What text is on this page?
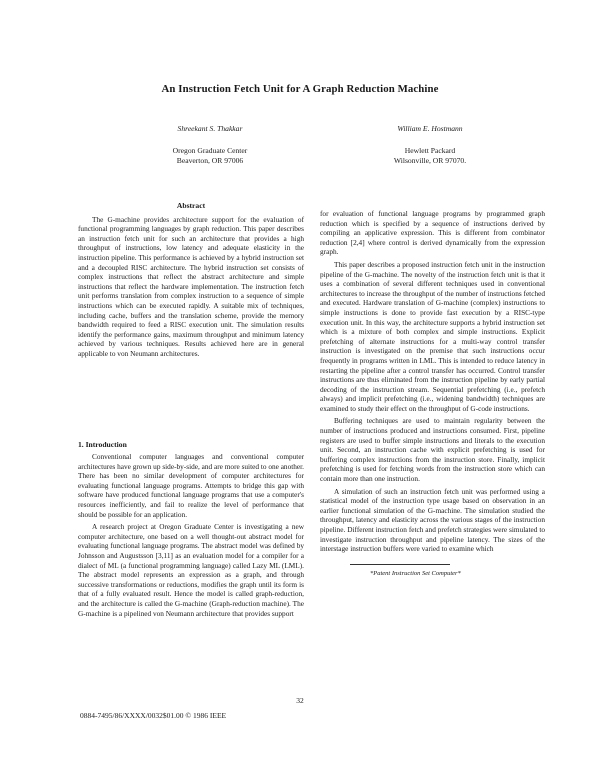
An Instruction Fetch Unit for A Graph Reduction Machine
Shreekant S. Thakkar
Oregon Graduate Center
Beaverton, OR 97006
William E. Hostmann
Hewlett Packard
Wilsonville, OR 97070.
Abstract

The G-machine provides architecture support for the evaluation of functional programming languages by graph reduction. This paper describes an instruction fetch unit for such an architecture that provides a high throughput of instructions, low latency and adequate elasticity in the instruction pipeline. This performance is achieved by a hybrid instruction set and a decoupled RISC architecture. The hybrid instruction set consists of complex instructions that reflect the abstract architecture and simple instructions that reflect the hardware implementation. The instruction fetch unit performs translation from complex instruction to a sequence of simple instructions which can be executed rapidly. A suitable mix of techniques, including cache, buffers and the translation scheme, provide the memory bandwidth required to feed a RISC execution unit. The simulation results identify the performance gains, maximum throughput and minimum latency achieved by various techniques. Results achieved here are in general applicable to von Neumann architectures.

1. Introduction

Conventional computer languages and conventional computer architectures have grown up side-by-side, and are more suited to one another. There has been no similar development of computer architectures for evaluating functional language programs. Attempts to bridge this gap with software have produced functional language programs that use a computer's resources inefficiently, and fail to realize the level of performance that should be possible for an application.

A research project at Oregon Graduate Center is investigating a new computer architecture, one based on a well thought-out abstract model for evaluating functional language programs. The abstract model was defined by Johnsson and Augustsson [3,11] as an evaluation model for a compiler for a dialect of ML (a functional programming language) called Lazy ML (LML). The abstract model represents an expression as a graph, and through successive transformations or reductions, modifies the graph until its form is that of a fully evaluated result. Hence the model is called graph-reduction, and the architecture is called the G-machine (Graph-reduction machine). The G-machine is a pipelined von Neumann architecture that provides support

for evaluation of functional language programs by programmed graph reduction which is specified by a sequence of instructions derived by compiling an applicative expression. This is different from combinator reduction [2,4] where control is derived dynamically from the expression graph.

This paper describes a proposed instruction fetch unit in the instruction pipeline of the G-machine. The novelty of the instruction fetch unit is that it uses a combination of several different techniques used in conventional architectures to increase the throughput of the number of instructions fetched and executed. Hardware translation of G-machine (complex) instructions to simple instructions is done to provide fast execution by a RISC-type execution unit. In this way, the architecture supports a hybrid instruction set which is a mixture of both complex and simple instructions. Explicit prefetching of alternate instructions for a multi-way control transfer instruction is investigated on the premise that such instructions occur frequently in programs written in LML. This is intended to reduce latency in restarting the pipeline after a control transfer has occurred. Control transfer instructions are thus eliminated from the instruction pipeline by early partial decoding of the instruction stream. Sequential prefetching (i.e., prefetch always) and implicit prefetching (i.e., widening bandwidth) techniques are examined to study their effect on the throughput of G-code instructions.

Buffering techniques are used to maintain regularity between the number of instructions produced and instructions consumed. First, pipeline registers are used to buffer simple instructions and literals to the execution unit. Second, an instruction cache with explicit prefetching is used for buffering complex instructions from the instruction store. Finally, implicit prefetching is used for fetching words from the instruction store which can contain more than one instruction.

A simulation of such an instruction fetch unit was performed using a statistical model of the instruction type usage based on observation in an earlier functional simulation of the G-machine. The simulation studied the throughput, latency and elasticity across the various stages of the instruction pipeline. Different instruction fetch and prefetch strategies were simulated to investigate instruction throughput and pipeline latency. The sizes of the interstage instruction buffers were varied to examine which

*Patent Instruction Set Computer*
32
0884-7495/86/XXXX/0032$01.00 © 1986 IEEE
